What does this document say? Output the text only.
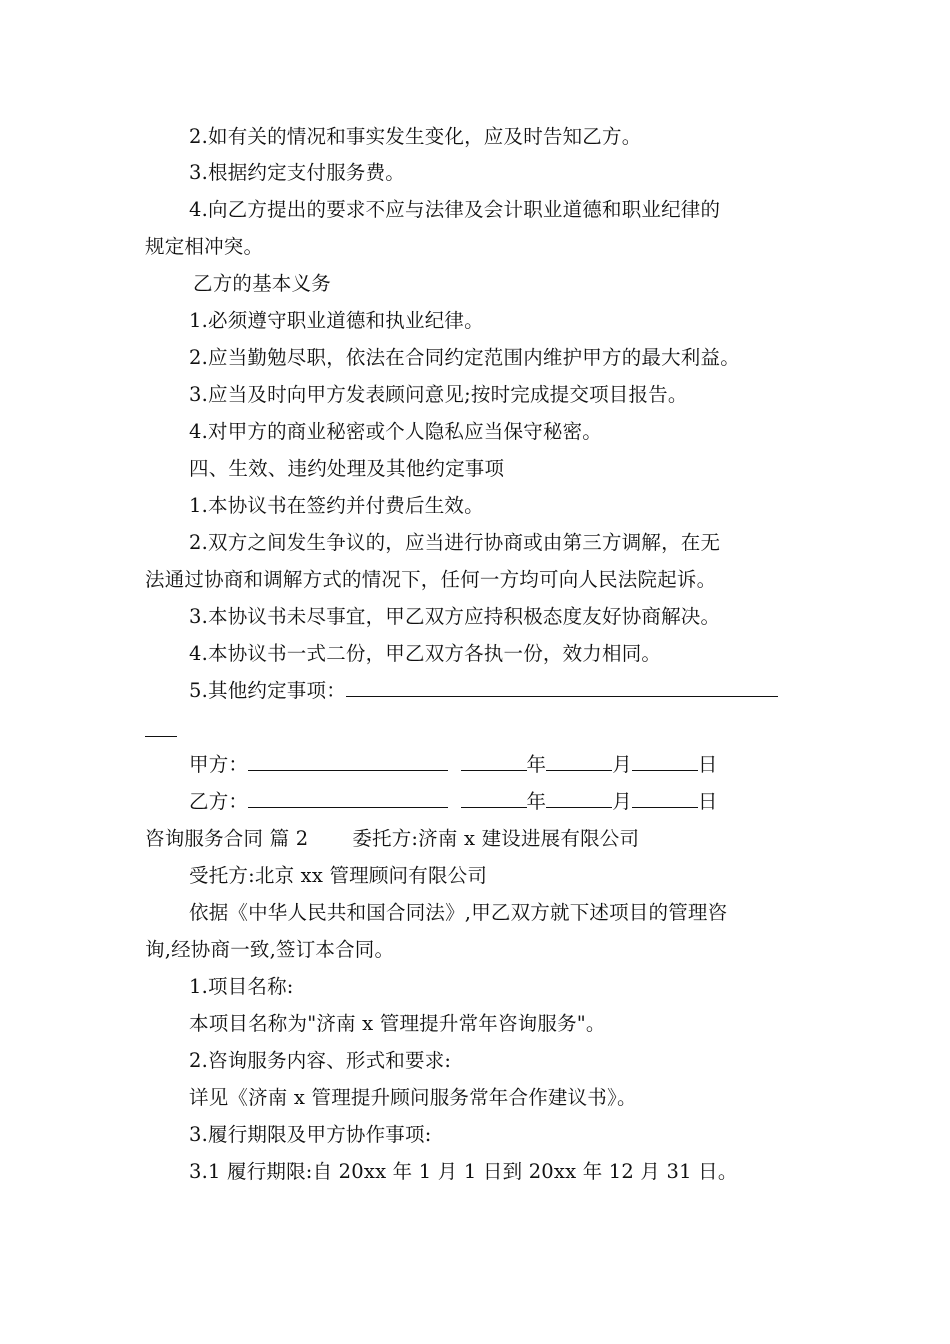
2.如有关的情况和事实发生变化，应及时告知乙方。
3.根据约定支付服务费。
4.向乙方提出的要求不应与法律及会计职业道德和职业纪律的
规定相冲突。
乙方的基本义务
1.必须遵守职业道德和执业纪律。
2.应当勤勉尽职，依法在合同约定范围内维护甲方的最大利益。
3.应当及时向甲方发表顾问意见;按时完成提交项目报告。
4.对甲方的商业秘密或个人隐私应当保守秘密。
四、生效、违约处理及其他约定事项
1.本协议书在签约并付费后生效。
2.双方之间发生争议的，应当进行协商或由第三方调解，在无
法通过协商和调解方式的情况下，任何一方均可向人民法院起诉。
3.本协议书未尽事宜，甲乙双方应持积极态度友好协商解决。
4.本协议书一式二份，甲乙双方各执一份，效力相同。
5.其他约定事项：
甲方：	年	月	日
乙方：	年	月	日
咨询服务合同 篇 2 委托方:济南 x 建设进展有限公司
受托方:北京 xx 管理顾问有限公司
依据《中华人民共和国合同法》,甲乙双方就下述项目的管理咨
询,经协商一致,签订本合同。
1.项目名称:
本项目名称为"济南 x 管理提升常年咨询服务"。
2.咨询服务内容、形式和要求:
详见《济南 x 管理提升顾问服务常年合作建议书》。
3.履行期限及甲方协作事项:
3.1 履行期限:自 20xx 年 1 月 1 日到 20xx 年 12 月 31 日。
